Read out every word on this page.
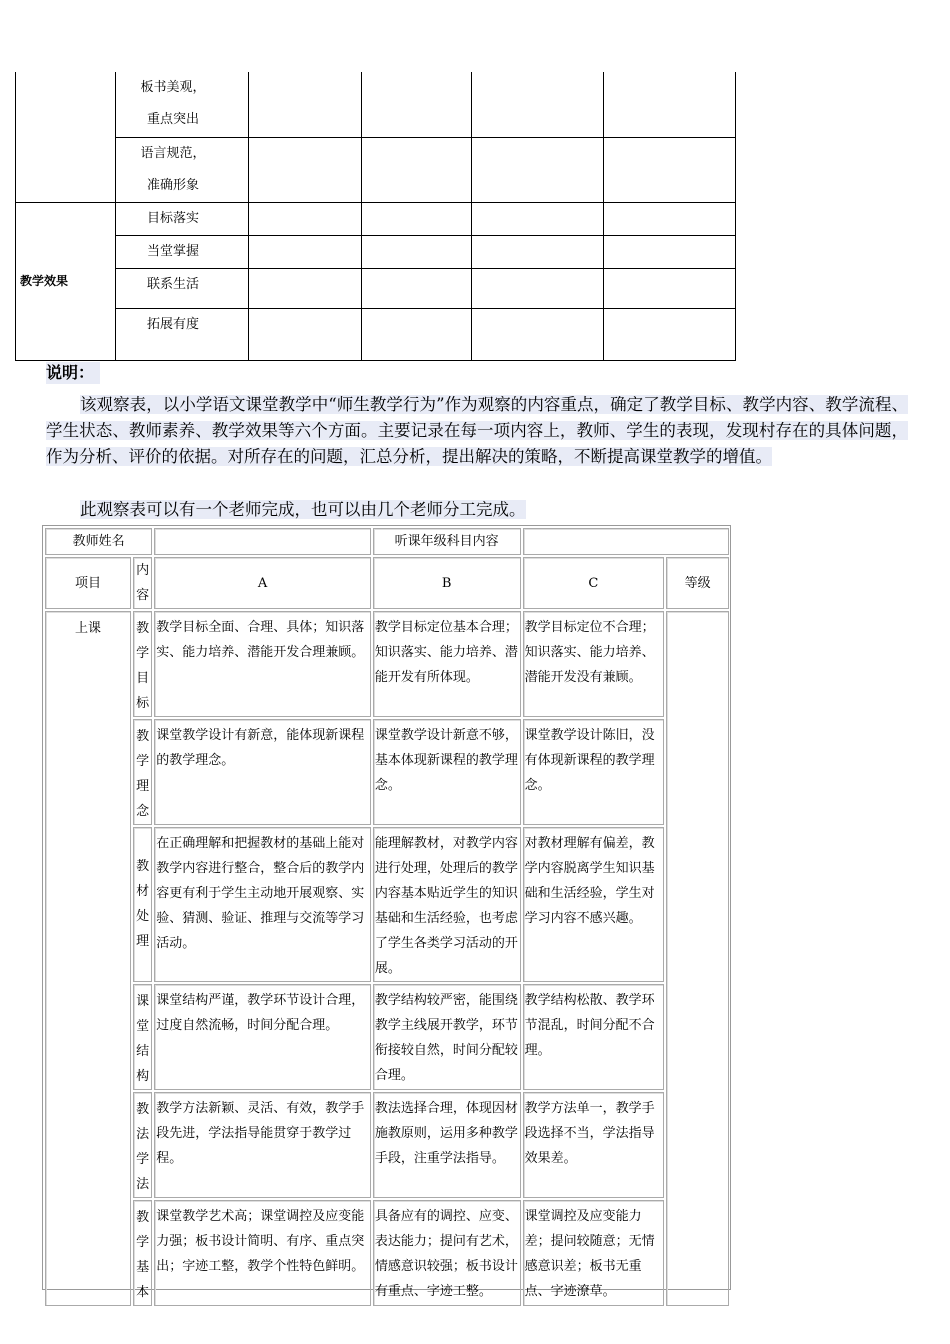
	板书美观，
重点突出				

	语言规范，
准确形象				

教学效果	目标落实				
	当堂掌握				
	联系生活				
	拓展有度				
说明：

该观察表，以小学语文课堂教学中“师生教学行为”作为观察的内容重点，确定了教学目标、教学内容、教学流程、学生状态、教师素养、教学效果等六个方面。主要记录在每一项内容上，教师、学生的表现，发现村存在的具体问题，作为分析、评价的依据。对所存在的问题，汇总分析，提出解决的策略，不断提高课堂教学的增值。

此观察表可以有一个老师完成，也可以由几个老师分工完成。

教师姓名			听课年级科目内容		
项目	内容	A	B	C	等级
上课	教学目标	教学目标全面、合理、具体；知识落实、能力培养、潜能开发合理兼顾。	教学目标定位基本合理；知识落实、能力培养、潜能开发有所体现。	教学目标定位不合理；知识落实、能力培养、潜能开发没有兼顾。	
	教学理念	课堂教学设计有新意，能体现新课程的教学理念。	课堂教学设计新意不够，基本体现新课程的教学理念。	课堂教学设计陈旧，没有体现新课程的教学理念。	
	教材处理	在正确理解和把握教材的基础上能对教学内容进行整合，整合后的教学内容更有利于学生主动地开展观察、实验、猜测、验证、推理与交流等学习活动。	能理解教材，对教学内容进行处理，处理后的教学内容基本贴近学生的知识基础和生活经验，也考虑了学生各类学习活动的开展。	对教材理解有偏差，教学内容脱离学生知识基础和生活经验，学生对学习内容不感兴趣。	
	课堂结构	课堂结构严谨，教学环节设计合理，过度自然流畅，时间分配合理。	教学结构较严密，能围绕教学主线展开教学，环节衔接较自然，时间分配较合理。	教学结构松散、教学环节混乱，时间分配不合理。	
	教法学法	教学方法新颖、灵活、有效，教学手段先进，学法指导能贯穿于教学过程。	教法选择合理，体现因材施教原则，运用多种教学手段，注重学法指导。	教学方法单一，教学手段选择不当，学法指导效果差。	
	教学基本	课堂教学艺术高；课堂调控及应变能力强；板书设计简明、有序、重点突出；字迹工整，教学个性特色鲜明。	具备应有的调控、应变、表达能力；提问有艺术，情感意识较强；板书设计有重点、字迹工整。	课堂调控及应变能力差；提问较随意；无情感意识差；板书无重点、字迹潦草。	
